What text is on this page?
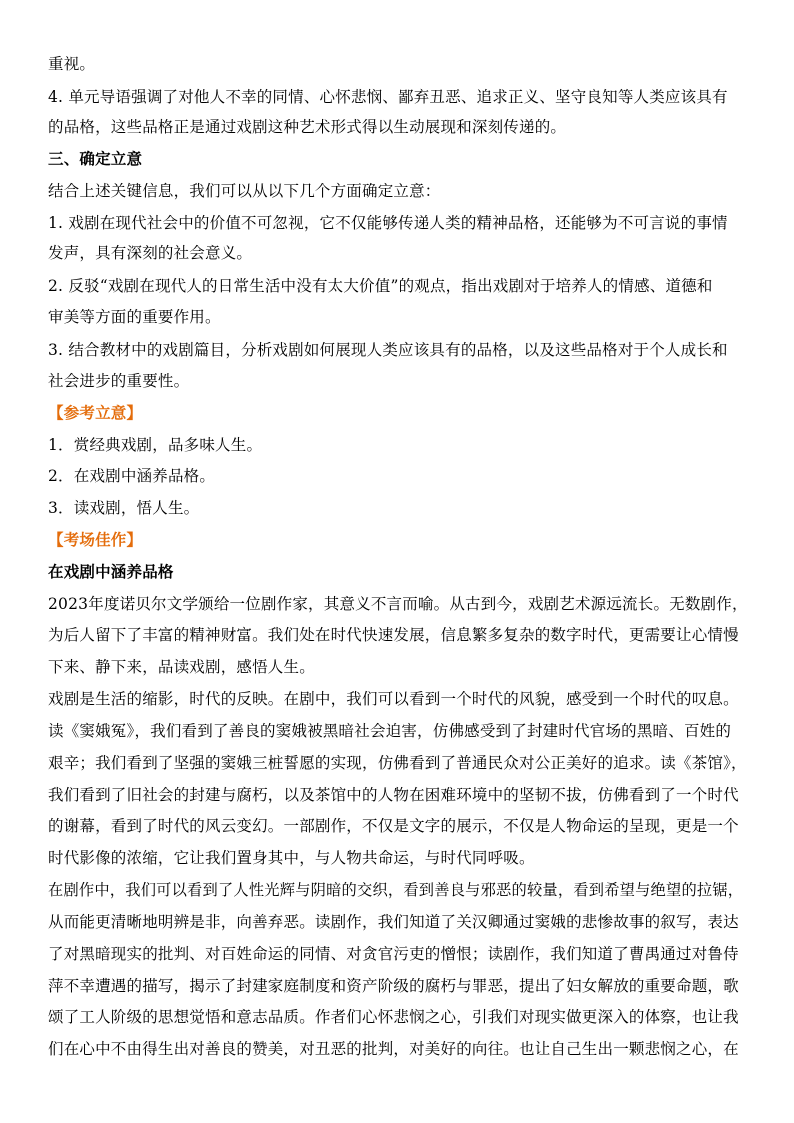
重视。

4. 单元导语强调了对他人不幸的同情、心怀悲悯、鄙弃丑恶、追求正义、坚守良知等人类应该具有

的品格，这些品格正是通过戏剧这种艺术形式得以生动展现和深刻传递的。

三、确定立意

结合上述关键信息，我们可以从以下几个方面确定立意：

1. 戏剧在现代社会中的价值不可忽视，它不仅能够传递人类的精神品格，还能够为不可言说的事情

发声，具有深刻的社会意义。

2. 反驳“戏剧在现代人的日常生活中没有太大价值”的观点，指出戏剧对于培养人的情感、道德和

审美等方面的重要作用。

3. 结合教材中的戏剧篇目，分析戏剧如何展现人类应该具有的品格，以及这些品格对于个人成长和

社会进步的重要性。

【参考立意】

1．赏经典戏剧，品多味人生。

2．在戏剧中涵养品格。

3．读戏剧，悟人生。

【考场佳作】

在戏剧中涵养品格

2023年度诺贝尔文学颁给一位剧作家，其意义不言而喻。从古到今，戏剧艺术源远流长。无数剧作，

为后人留下了丰富的精神财富。我们处在时代快速发展，信息繁多复杂的数字时代，更需要让心情慢

下来、静下来，品读戏剧，感悟人生。

戏剧是生活的缩影，时代的反映。在剧中，我们可以看到一个时代的风貌，感受到一个时代的叹息。

读《窦娥冤》，我们看到了善良的窦娥被黑暗社会迫害，仿佛感受到了封建时代官场的黑暗、百姓的

艰辛；我们看到了坚强的窦娥三桩誓愿的实现，仿佛看到了普通民众对公正美好的追求。读《茶馆》，

我们看到了旧社会的封建与腐朽，以及茶馆中的人物在困难环境中的坚韧不拔，仿佛看到了一个时代

的谢幕，看到了时代的风云变幻。一部剧作，不仅是文字的展示，不仅是人物命运的呈现，更是一个

时代影像的浓缩，它让我们置身其中，与人物共命运，与时代同呼吸。

在剧作中，我们可以看到了人性光辉与阴暗的交织，看到善良与邪恶的较量，看到希望与绝望的拉锯，

从而能更清晰地明辨是非，向善弃恶。读剧作，我们知道了关汉卿通过窦娥的悲惨故事的叙写，表达

了对黑暗现实的批判、对百姓命运的同情、对贪官污吏的憎恨；读剧作，我们知道了曹禺通过对鲁侍

萍不幸遭遇的描写，揭示了封建家庭制度和资产阶级的腐朽与罪恶，提出了妇女解放的重要命题，歌

颂了工人阶级的思想觉悟和意志品质。作者们心怀悲悯之心，引我们对现实做更深入的体察，也让我

们在心中不由得生出对善良的赞美，对丑恶的批判，对美好的向往。也让自己生出一颗悲悯之心，在
